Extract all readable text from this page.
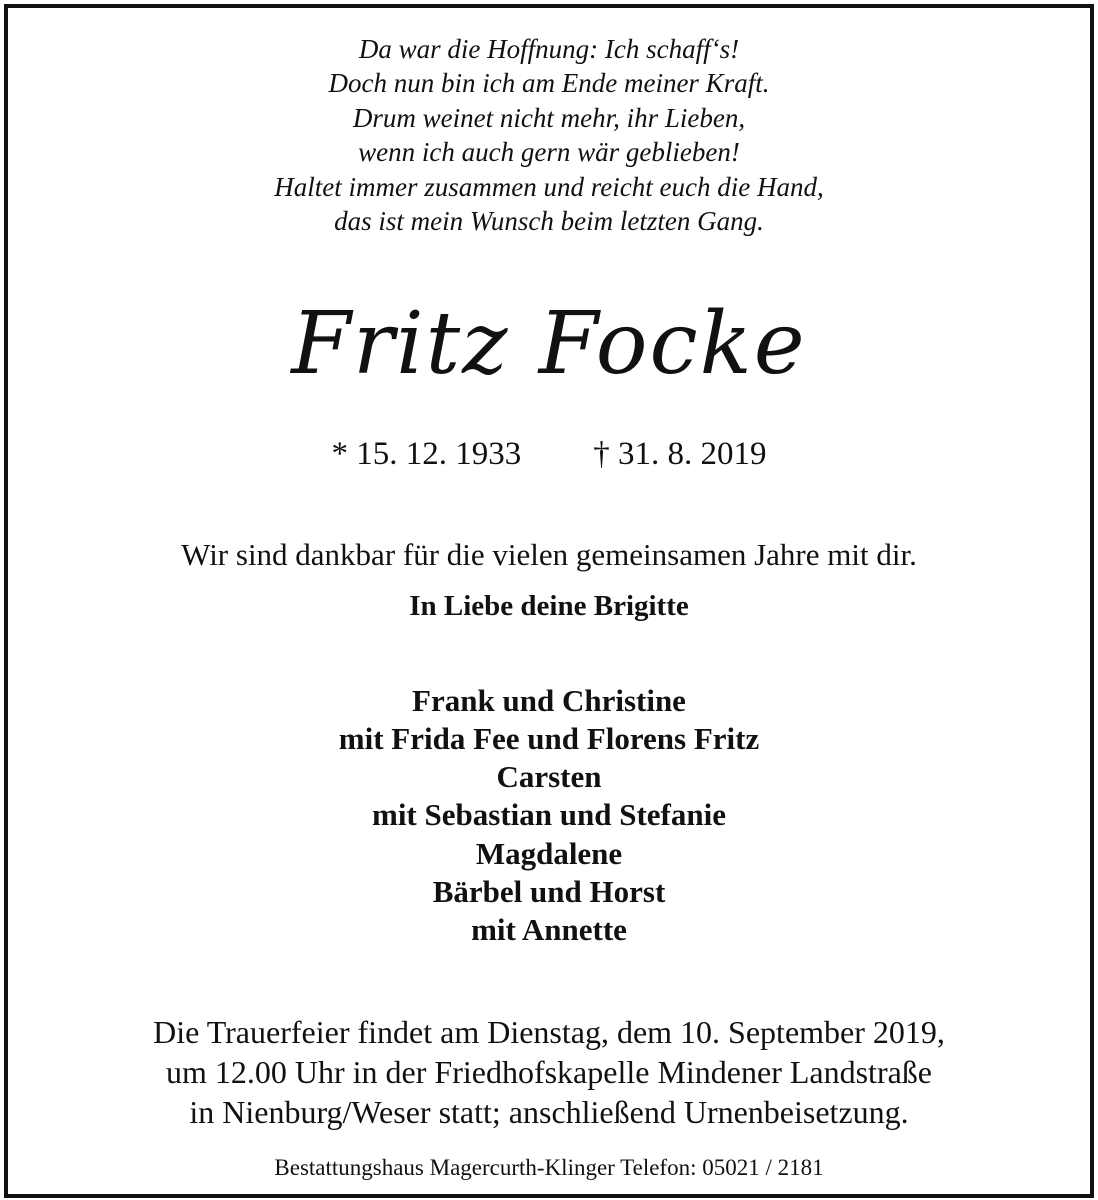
Da war die Hoffnung: Ich schaff‘s!
Doch nun bin ich am Ende meiner Kraft.
Drum weinet nicht mehr, ihr Lieben,
wenn ich auch gern wär geblieben!
Haltet immer zusammen und reicht euch die Hand,
das ist mein Wunsch beim letzten Gang.
Fritz Focke
* 15. 12. 1933 † 31. 8. 2019
Wir sind dankbar für die vielen gemeinsamen Jahre mit dir.
In Liebe deine Brigitte
Frank und Christine
mit Frida Fee und Florens Fritz
Carsten
mit Sebastian und Stefanie
Magdalene
Bärbel und Horst
mit Annette
Die Trauerfeier findet am Dienstag, dem 10. September 2019,
um 12.00 Uhr in der Friedhofskapelle Mindener Landstraße
in Nienburg/Weser statt; anschließend Urnenbeisetzung.
Bestattungshaus Magercurth-Klinger Telefon: 05021 / 2181
